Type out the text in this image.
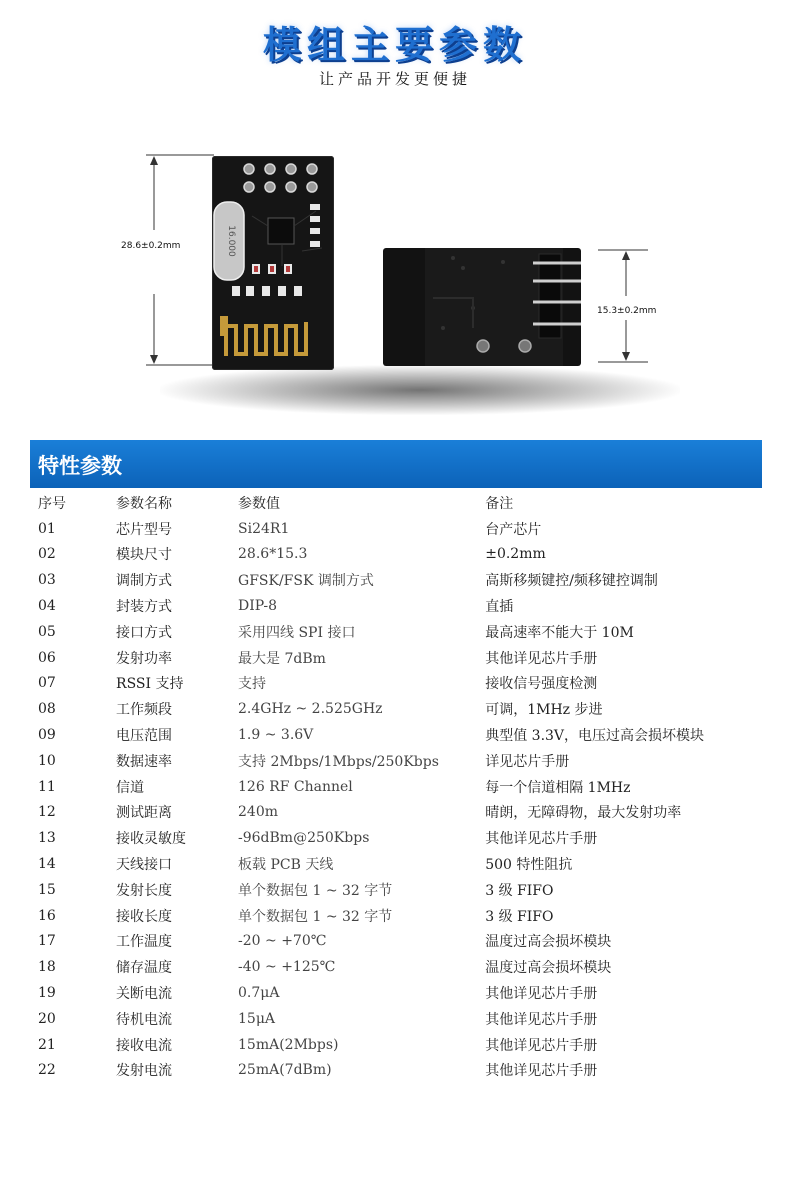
模组主要参数
让产品开发更便捷
28.6±0.2mm	16.000
15.3±0.2mm
特性参数
序号	参数名称	参数值	备注
01	芯片型号	Si24R1	台产芯片
02	模块尺寸	28.6*15.3	±0.2mm
03	调制方式	GFSK/FSK 调制方式	高斯移频键控/频移键控调制
04	封装方式	DIP-8	直插
05	接口方式	采用四线 SPI 接口	最高速率不能大于 10M
06	发射功率	最大是 7dBm	其他详见芯片手册
07	RSSI 支持	支持	接收信号强度检测
08	工作频段	2.4GHz ~ 2.525GHz	可调，1MHz 步进
09	电压范围	1.9 ~ 3.6V	典型值 3.3V，电压过高会损坏模块
10	数据速率	支持 2Mbps/1Mbps/250Kbps	详见芯片手册
11	信道	126 RF Channel	每一个信道相隔 1MHz
12	测试距离	240m	晴朗，无障碍物，最大发射功率
13	接收灵敏度	-96dBm@250Kbps	其他详见芯片手册
14	天线接口	板载 PCB 天线	500 特性阻抗
15	发射长度	单个数据包 1 ~ 32 字节	3 级 FIFO
16	接收长度	单个数据包 1 ~ 32 字节	3 级 FIFO
17	工作温度	-20 ~ +70℃	温度过高会损坏模块
18	储存温度	-40 ~ +125℃	温度过高会损坏模块
19	关断电流	0.7μA	其他详见芯片手册
20	待机电流	15μA	其他详见芯片手册
21	接收电流	15mA(2Mbps)	其他详见芯片手册
22	发射电流	25mA(7dBm)	其他详见芯片手册
